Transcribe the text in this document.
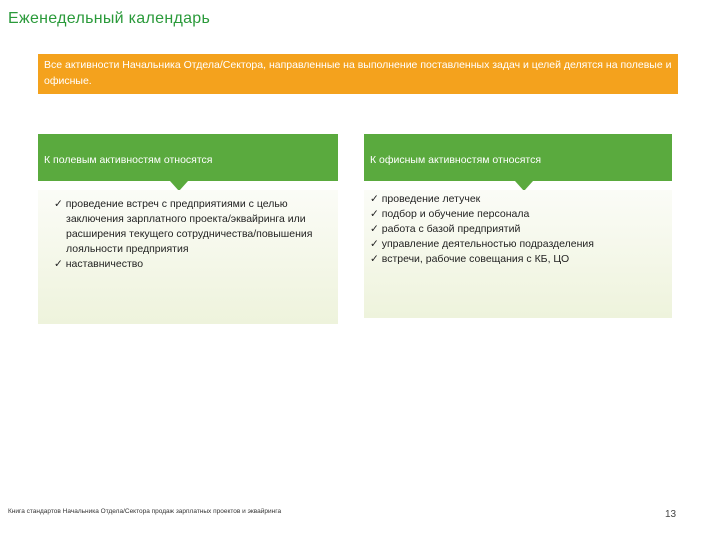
Еженедельный календарь
Все активности Начальника Отдела/Сектора, направленные на выполнение поставленных задач и целей делятся на полевые и офисные.
К полевым активностям относятся
✓ проведение встреч с предприятиями с целью заключения зарплатного проекта/эквайринга или расширения текущего сотрудничества/повышения лояльности предприятия
✓ наставничество
К офисным активностям относятся
✓ проведение летучек
✓ подбор и обучение персонала
✓ работа с базой предприятий
✓ управление деятельностью подразделения
✓ встречи, рабочие совещания с КБ, ЦО
Книга стандартов Начальника Отдела/Сектора продаж зарплатных проектов и эквайринга	13
